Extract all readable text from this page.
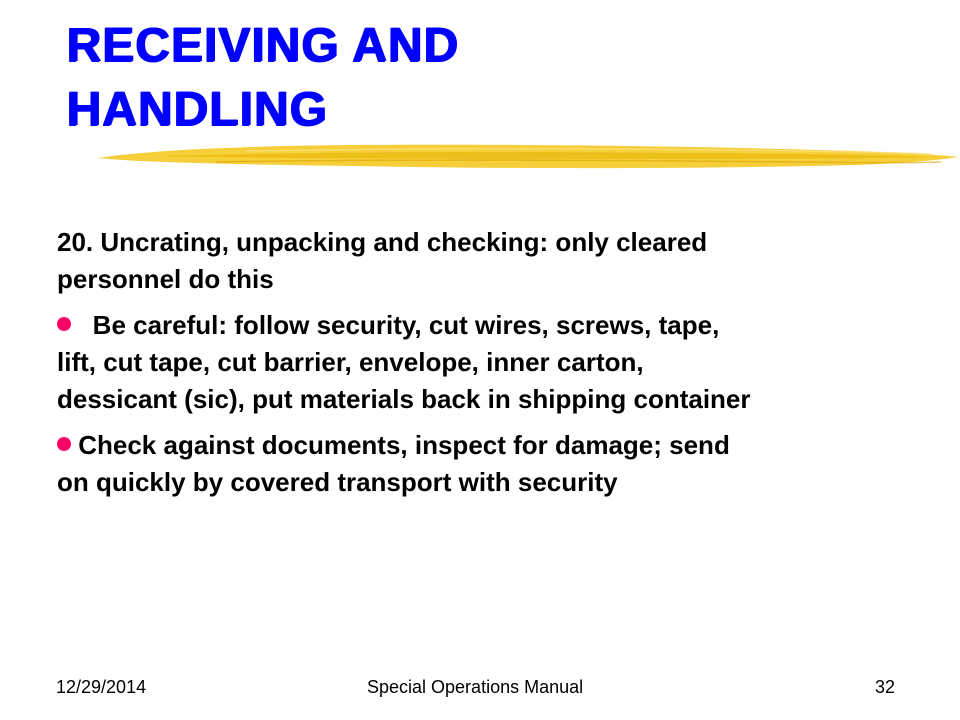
RECEIVING AND
HANDLING

20. Uncrating, unpacking and checking: only cleared
personnel do this

Be careful: follow security, cut wires, screws, tape,
lift, cut tape, cut barrier, envelope, inner carton,
dessicant (sic), put materials back in shipping container

Check against documents, inspect for damage; send
on quickly by covered transport with security

12/29/2014	Special Operations Manual	32
